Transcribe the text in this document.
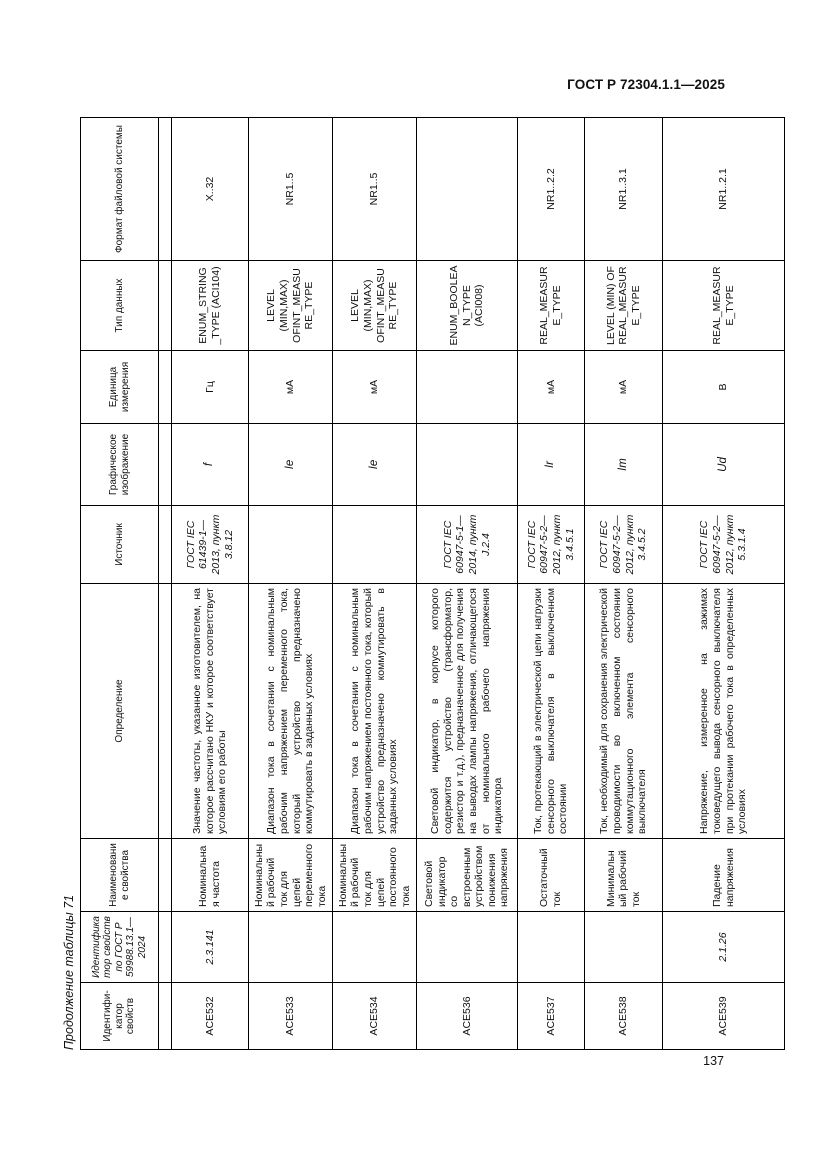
ГОСТ Р 72304.1.1—2025
Продолжение таблицы 71	Идентифи-катор свойств	Идентификатор свойств по ГОСТ Р 59988.13.1—2024	Наименование свойства	Определение	Источник	Графическое изображение	Единица измерения	Тип данных	Формат файловой системы

ACE532	2.3.141	Номинальная частота	Значение частоты, указанное изготовителем, на которое рассчитано НКУ и которое соответствует условиям его работы	ГОСТ IEC 61439-1—2013, пункт 3.8.12	f	Гц	ENUM_STRING_TYPE (ACI104)	X..32
ACE533		Номинальный рабочий ток для цепей переменного тока	Диапазон тока в сочетании с номинальным рабочим напряжением переменного тока, который устройство предназначено коммутировать в заданных условиях		Ie	мА	LEVEL (MIN,MAX) OFINT_MEASURE_TYPE	NR1..5
ACE534		Номинальный рабочий ток для цепей постоянного тока	Диапазон тока в сочетании с номинальным рабочим напряжением постоянного тока, который устройство предназначено коммутировать в заданных условиях		Ie	мА	LEVEL (MIN,MAX) OFINT_MEASURE_TYPE	NR1..5
ACE536		Световой индикатор со встроенным устройством понижения напряжения	Световой индикатор, в корпусе которого содержится устройство (трансформатор, резистор и т.д.), предназначенное для получения на выводах лампы напряжения, отличающегося от номинального рабочего напряжения индикатора	ГОСТ IEC 60947-5-1—2014, пункт J.2.4			ENUM_BOOLEAN_TYPE (ACI008)	
ACE537		Остаточный ток	Ток, протекающий в электрической цепи нагрузки сенсорного выключателя в выключенном состоянии	ГОСТ IEC 60947-5-2—2012, пункт 3.4.5.1	Ir	мА	REAL_MEASURE_TYPE	NR1..2.2
ACE538		Минимальный рабочий ток	Ток, необходимый для сохранения электрической проводимости во включенном состоянии коммутационного элемента сенсорного выключателя	ГОСТ IEC 60947-5-2—2012, пункт 3.4.5.2	Im	мА	LEVEL (MIN) OF REAL_MEASURE_TYPE	NR1..3.1
ACE539	2.1.26	Падение напряжения	Напряжение, измеренное на зажимах токоведущего вывода сенсорного выключателя при протекании рабочего тока в определенных условиях	ГОСТ IEC 60947-5-2—2012, пункт 5.3.1.4	Ud	В	REAL_MEASURE_TYPE	NR1..2.1
137
